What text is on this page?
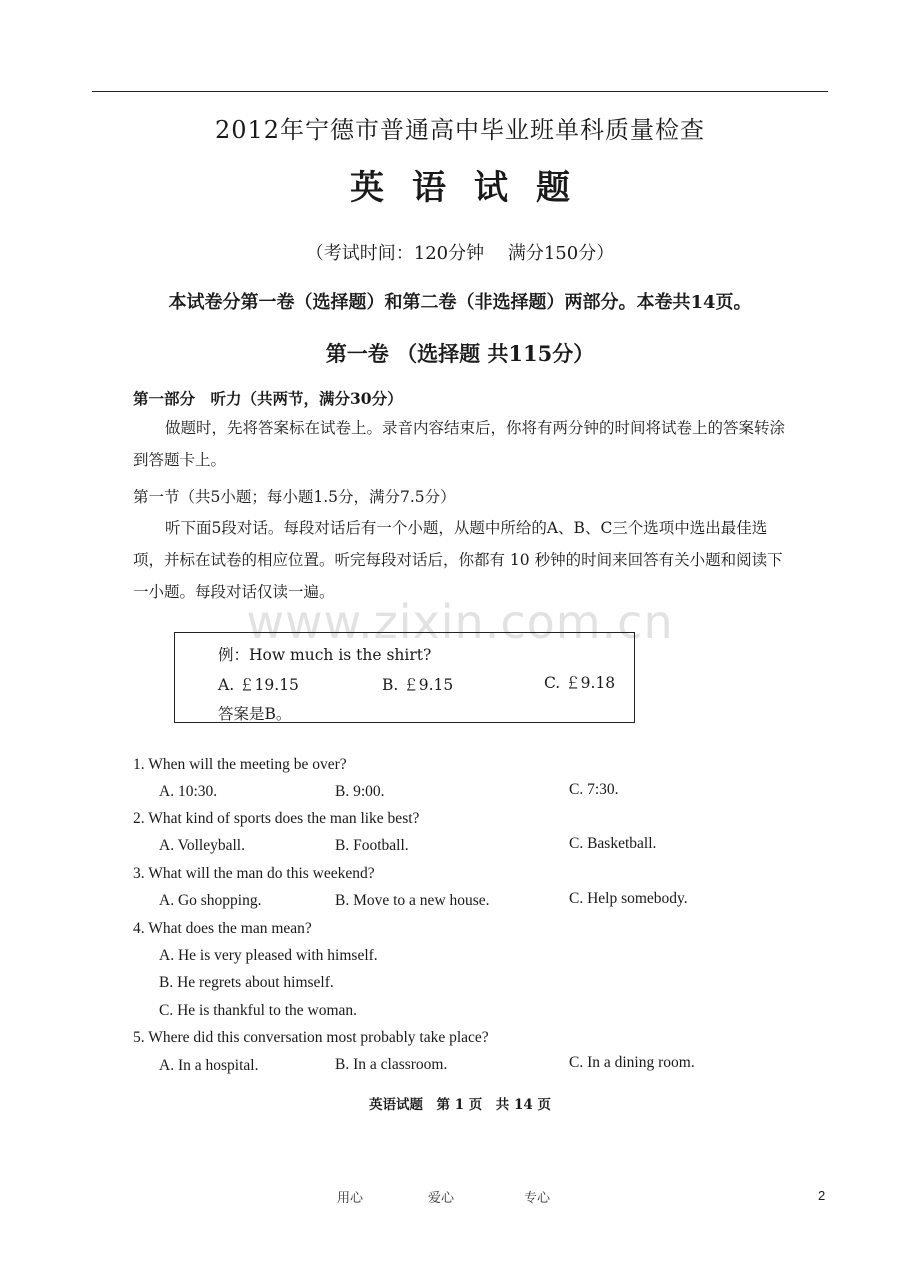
2012年宁德市普通高中毕业班单科质量检查
英语试题
（考试时间：120分钟　 满分150分）
本试卷分第一卷（选择题）和第二卷（非选择题）两部分。本卷共14页。
第一卷 （选择题 共115分）
第一部分　听力（共两节，满分30分）
做题时，先将答案标在试卷上。录音内容结束后，你将有两分钟的时间将试卷上的答案转涂到答题卡上。
第一节（共5小题；每小题1.5分，满分7.5分）
听下面5段对话。每段对话后有一个小题，从题中所给的A、B、C三个选项中选出最佳选项，并标在试卷的相应位置。听完每段对话后，你都有 10 秒钟的时间来回答有关小题和阅读下一小题。每段对话仅读一遍。
www.zixin.com.cn
例：How much is the shirt?
A. ￡19.15	B. ￡9.15	C. ￡9.18
答案是B。
1. When will the meeting be over?
A. 10:30.	B. 9:00.	C. 7:30.
2. What kind of sports does the man like best?
A. Volleyball.	B. Football.	C. Basketball.
3. What will the man do this weekend?
A. Go shopping.	B. Move to a new house.	C. Help somebody.
4. What does the man mean?
A. He is very pleased with himself.
B. He regrets about himself.
C. He is thankful to the woman.
5. Where did this conversation most probably take place?
A. In a hospital.	B. In a classroom.	C. In a dining room.
英语试题　第 1 页　共 14 页
用心	爱心	专心	2
